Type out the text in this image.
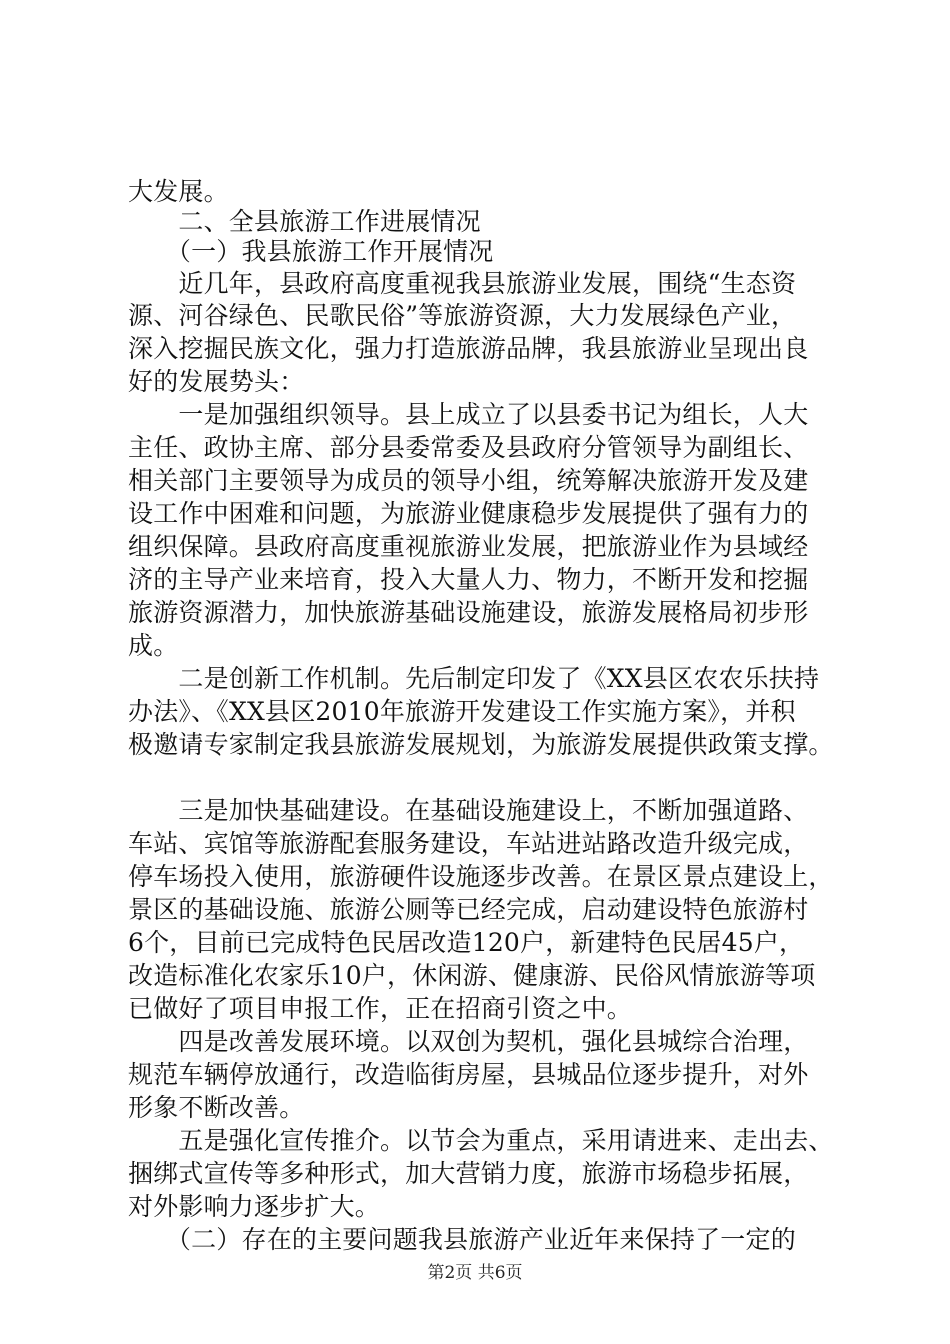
大发展。
　　二、全县旅游工作进展情况
　　（一）我县旅游工作开展情况
　　近几年，县政府高度重视我县旅游业发展，围绕“生态资
源、河谷绿色、民歌民俗”等旅游资源，大力发展绿色产业，
深入挖掘民族文化，强力打造旅游品牌，我县旅游业呈现出良
好的发展势头：
　　一是加强组织领导。县上成立了以县委书记为组长，人大
主任、政协主席、部分县委常委及县政府分管领导为副组长、
相关部门主要领导为成员的领导小组，统筹解决旅游开发及建
设工作中困难和问题，为旅游业健康稳步发展提供了强有力的
组织保障。县政府高度重视旅游业发展，把旅游业作为县域经
济的主导产业来培育，投入大量人力、物力，不断开发和挖掘
旅游资源潜力，加快旅游基础设施建设，旅游发展格局初步形
成。
　　二是创新工作机制。先后制定印发了《XX县区农农乐扶持
办法》、《XX县区2010年旅游开发建设工作实施方案》，并积
极邀请专家制定我县旅游发展规划，为旅游发展提供政策支撑。
　　三是加快基础建设。在基础设施建设上，不断加强道路、
车站、宾馆等旅游配套服务建设，车站进站路改造升级完成，
停车场投入使用，旅游硬件设施逐步改善。在景区景点建设上，
景区的基础设施、旅游公厕等已经完成，启动建设特色旅游村
6个，目前已完成特色民居改造120户，新建特色民居45户，
改造标准化农家乐10户，休闲游、健康游、民俗风情旅游等项
已做好了项目申报工作，正在招商引资之中。
　　四是改善发展环境。以双创为契机，强化县城综合治理，
规范车辆停放通行，改造临街房屋，县城品位逐步提升，对外
形象不断改善。
　　五是强化宣传推介。以节会为重点，采用请进来、走出去、
捆绑式宣传等多种形式，加大营销力度，旅游市场稳步拓展，
对外影响力逐步扩大。
　　（二）存在的主要问题我县旅游产业近年来保持了一定的
第2页 共6页
